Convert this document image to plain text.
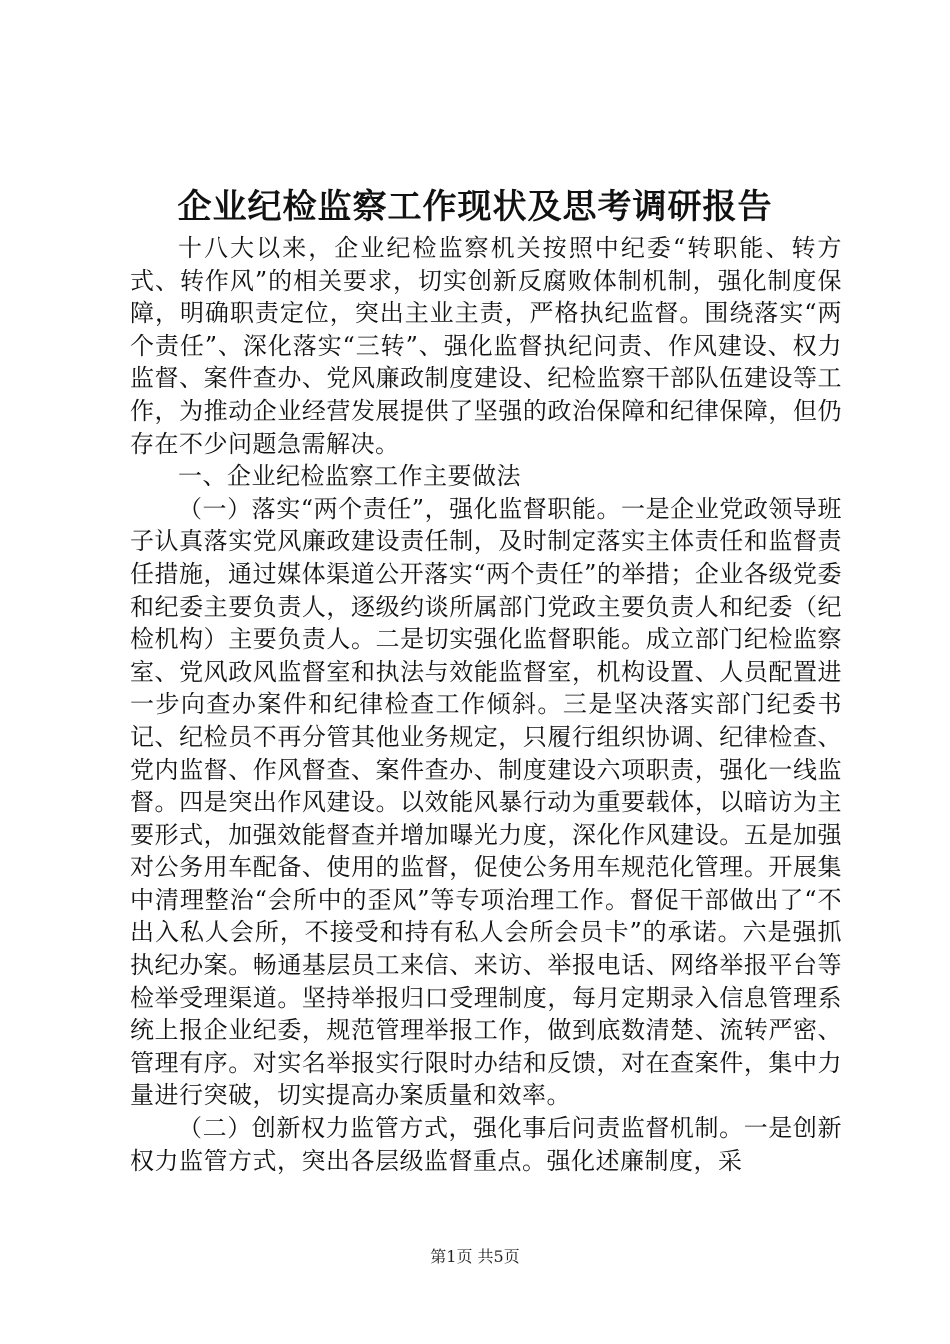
企业纪检监察工作现状及思考调研报告

十八大以来，企业纪检监察机关按照中纪委“转职能、转方式、转作风”的相关要求，切实创新反腐败体制机制，强化制度保障，明确职责定位，突出主业主责，严格执纪监督。围绕落实“两个责任”、深化落实“三转”、强化监督执纪问责、作风建设、权力监督、案件查办、党风廉政制度建设、纪检监察干部队伍建设等工作，为推动企业经营发展提供了坚强的政治保障和纪律保障，但仍存在不少问题急需解决。

一、企业纪检监察工作主要做法

（一）落实“两个责任”，强化监督职能。一是企业党政领导班子认真落实党风廉政建设责任制，及时制定落实主体责任和监督责任措施，通过媒体渠道公开落实“两个责任”的举措；企业各级党委和纪委主要负责人，逐级约谈所属部门党政主要负责人和纪委（纪检机构）主要负责人。二是切实强化监督职能。成立部门纪检监察室、党风政风监督室和执法与效能监督室，机构设置、人员配置进一步向查办案件和纪律检查工作倾斜。三是坚决落实部门纪委书记、纪检员不再分管其他业务规定，只履行组织协调、纪律检查、党内监督、作风督查、案件查办、制度建设六项职责，强化一线监督。四是突出作风建设。以效能风暴行动为重要载体，以暗访为主要形式，加强效能督查并增加曝光力度，深化作风建设。五是加强对公务用车配备、使用的监督，促使公务用车规范化管理。开展集中清理整治“会所中的歪风”等专项治理工作。督促干部做出了“不出入私人会所，不接受和持有私人会所会员卡”的承诺。六是强抓执纪办案。畅通基层员工来信、来访、举报电话、网络举报平台等检举受理渠道。坚持举报归口受理制度，每月定期录入信息管理系统上报企业纪委，规范管理举报工作，做到底数清楚、流转严密、管理有序。对实名举报实行限时办结和反馈，对在查案件，集中力量进行突破，切实提高办案质量和效率。

（二）创新权力监管方式，强化事后问责监督机制。一是创新权力监管方式，突出各层级监督重点。强化述廉制度，采

第1页 共5页
